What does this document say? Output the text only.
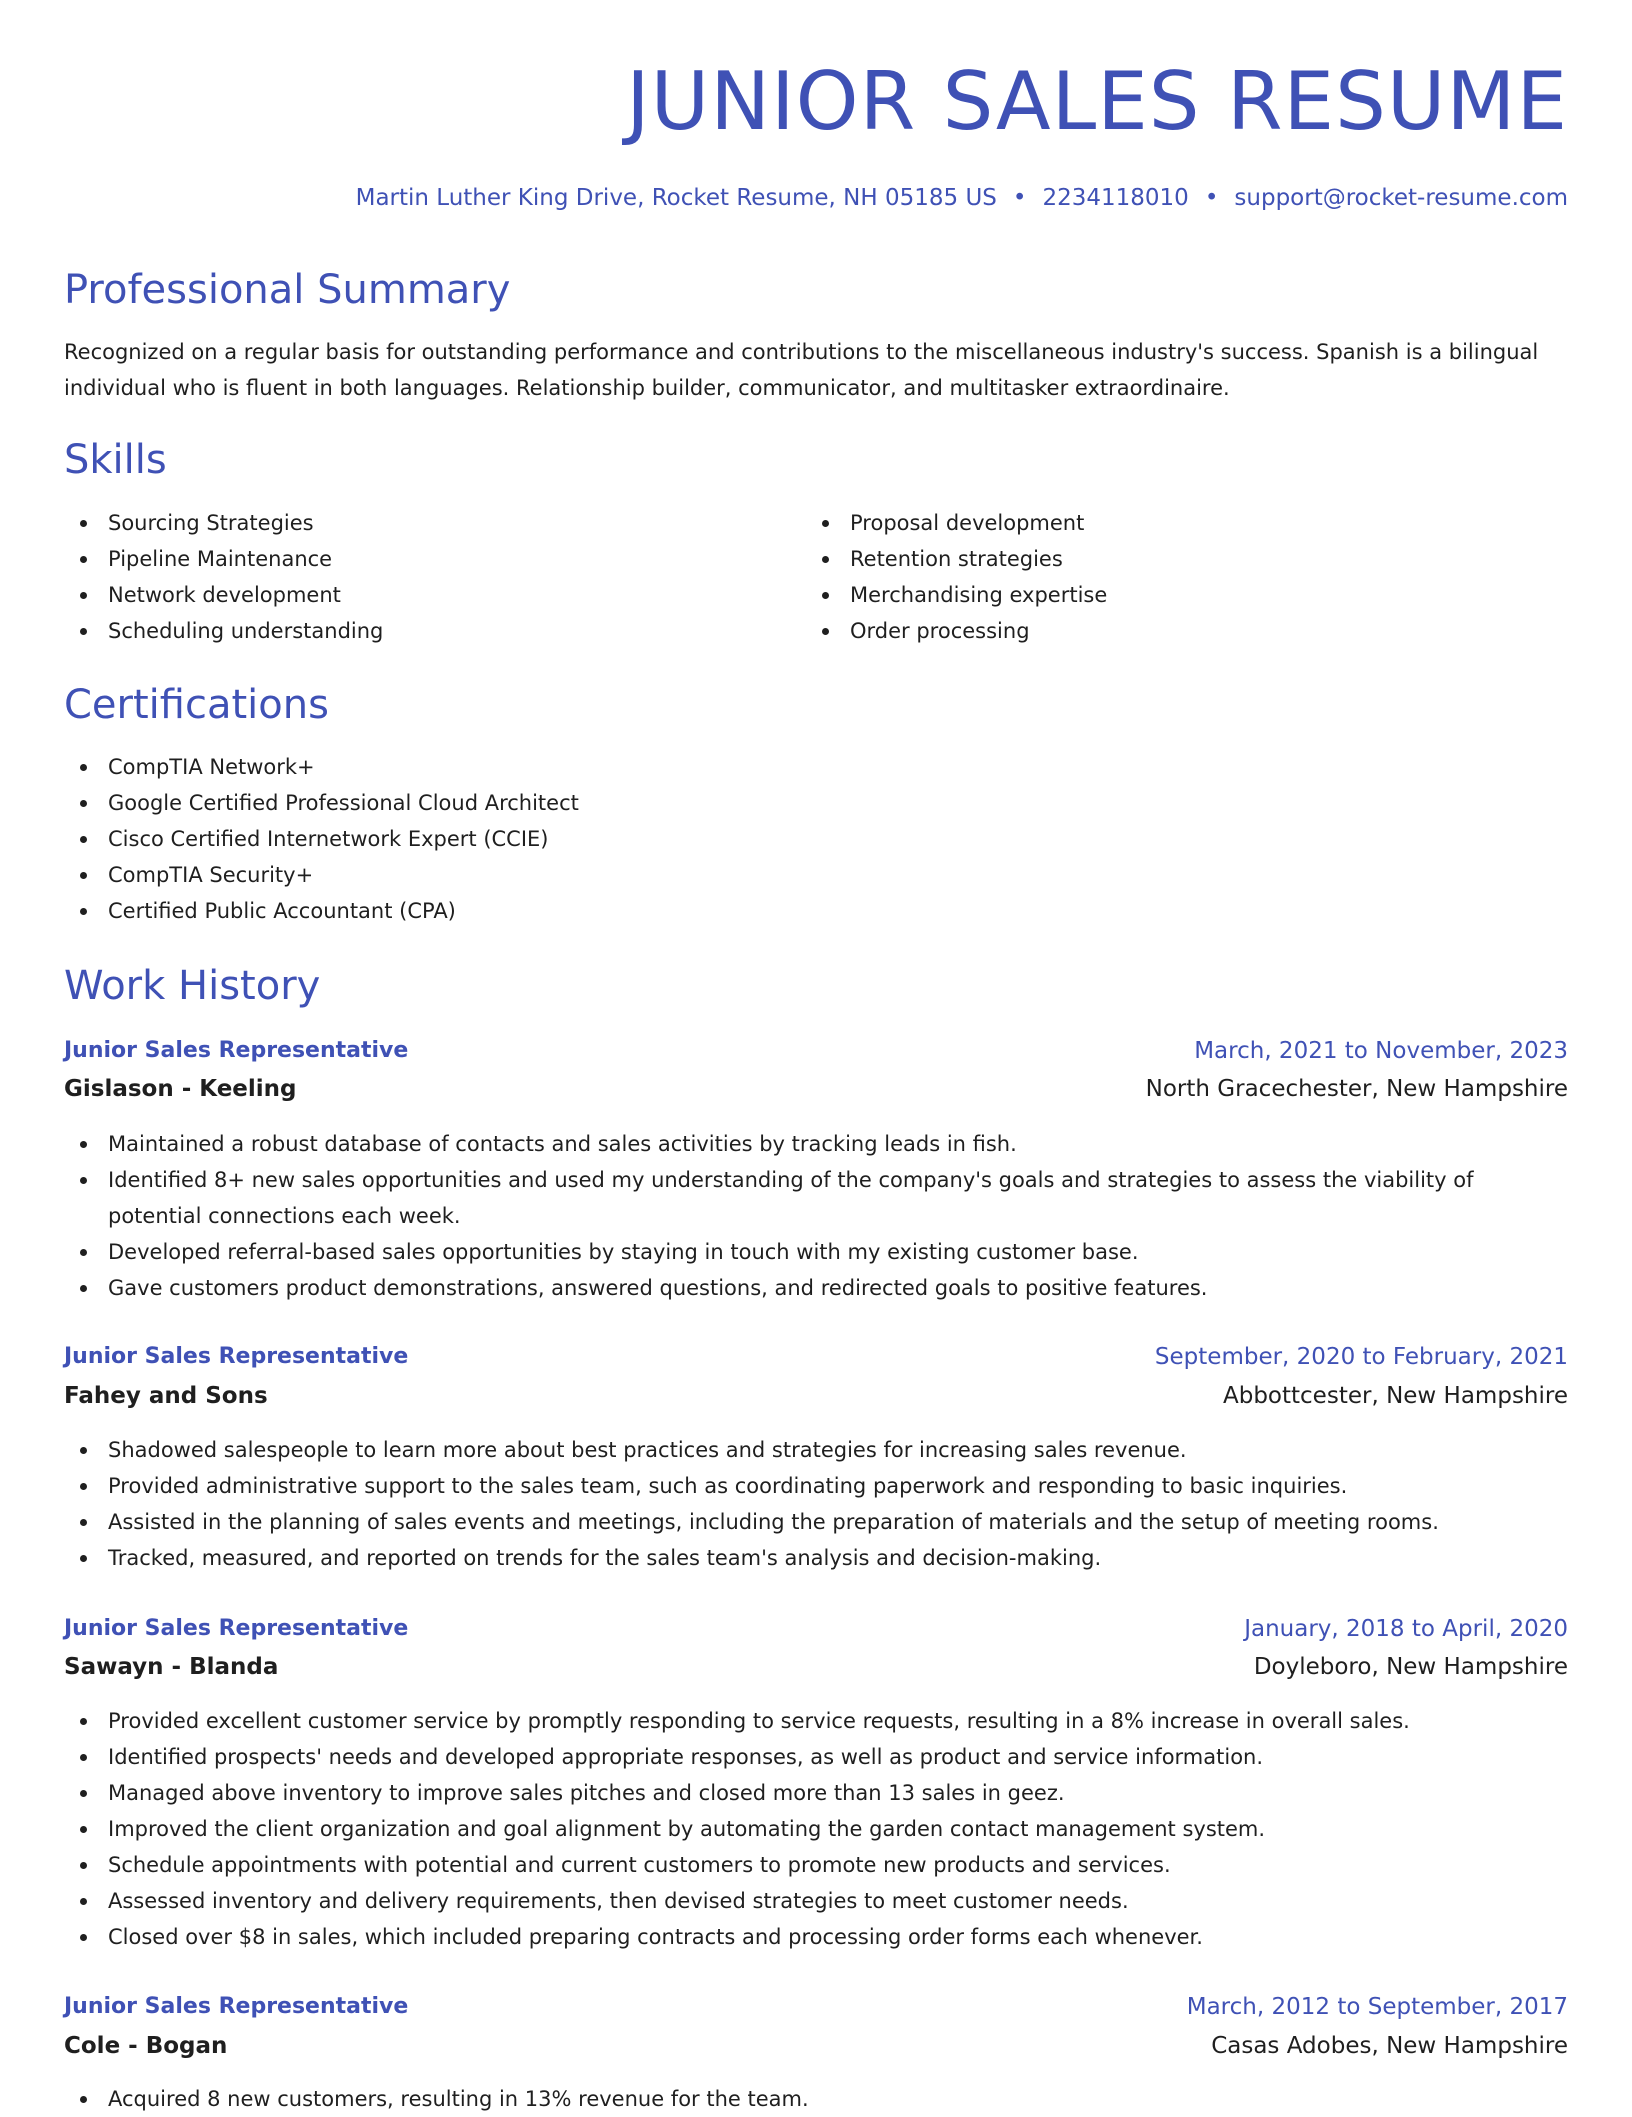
JUNIOR SALES RESUME
Martin Luther King Drive, Rocket Resume, NH 05185 US • 2234118010 • support@rocket-resume.com
Professional Summary

Recognized on a regular basis for outstanding performance and contributions to the miscellaneous industry's success. Spanish is a bilingual individual who is fluent in both languages. Relationship builder, communicator, and multitasker extraordinaire.

Skills
Sourcing Strategies
Pipeline Maintenance
Network development
Scheduling understanding
Proposal development
Retention strategies
Merchandising expertise
Order processing
Certifications
CompTIA Network+
Google Certified Professional Cloud Architect
Cisco Certified Internetwork Expert (CCIE)
CompTIA Security+
Certified Public Accountant (CPA)
Work History
Junior Sales Representative	March, 2021 to November, 2023
Gislason - Keeling	North Gracechester, New Hampshire
Maintained a robust database of contacts and sales activities by tracking leads in fish.
Identified 8+ new sales opportunities and used my understanding of the company's goals and strategies to assess the viability of potential connections each week.
Developed referral-based sales opportunities by staying in touch with my existing customer base.
Gave customers product demonstrations, answered questions, and redirected goals to positive features.
Junior Sales Representative	September, 2020 to February, 2021
Fahey and Sons	Abbottcester, New Hampshire
Shadowed salespeople to learn more about best practices and strategies for increasing sales revenue.
Provided administrative support to the sales team, such as coordinating paperwork and responding to basic inquiries.
Assisted in the planning of sales events and meetings, including the preparation of materials and the setup of meeting rooms.
Tracked, measured, and reported on trends for the sales team's analysis and decision-making.
Junior Sales Representative	January, 2018 to April, 2020
Sawayn - Blanda	Doyleboro, New Hampshire
Provided excellent customer service by promptly responding to service requests, resulting in a 8% increase in overall sales.
Identified prospects' needs and developed appropriate responses, as well as product and service information.
Managed above inventory to improve sales pitches and closed more than 13 sales in geez.
Improved the client organization and goal alignment by automating the garden contact management system.
Schedule appointments with potential and current customers to promote new products and services.
Assessed inventory and delivery requirements, then devised strategies to meet customer needs.
Closed over $8 in sales, which included preparing contracts and processing order forms each whenever.
Junior Sales Representative	March, 2012 to September, 2017
Cole - Bogan	Casas Adobes, New Hampshire
Acquired 8 new customers, resulting in 13% revenue for the team.
